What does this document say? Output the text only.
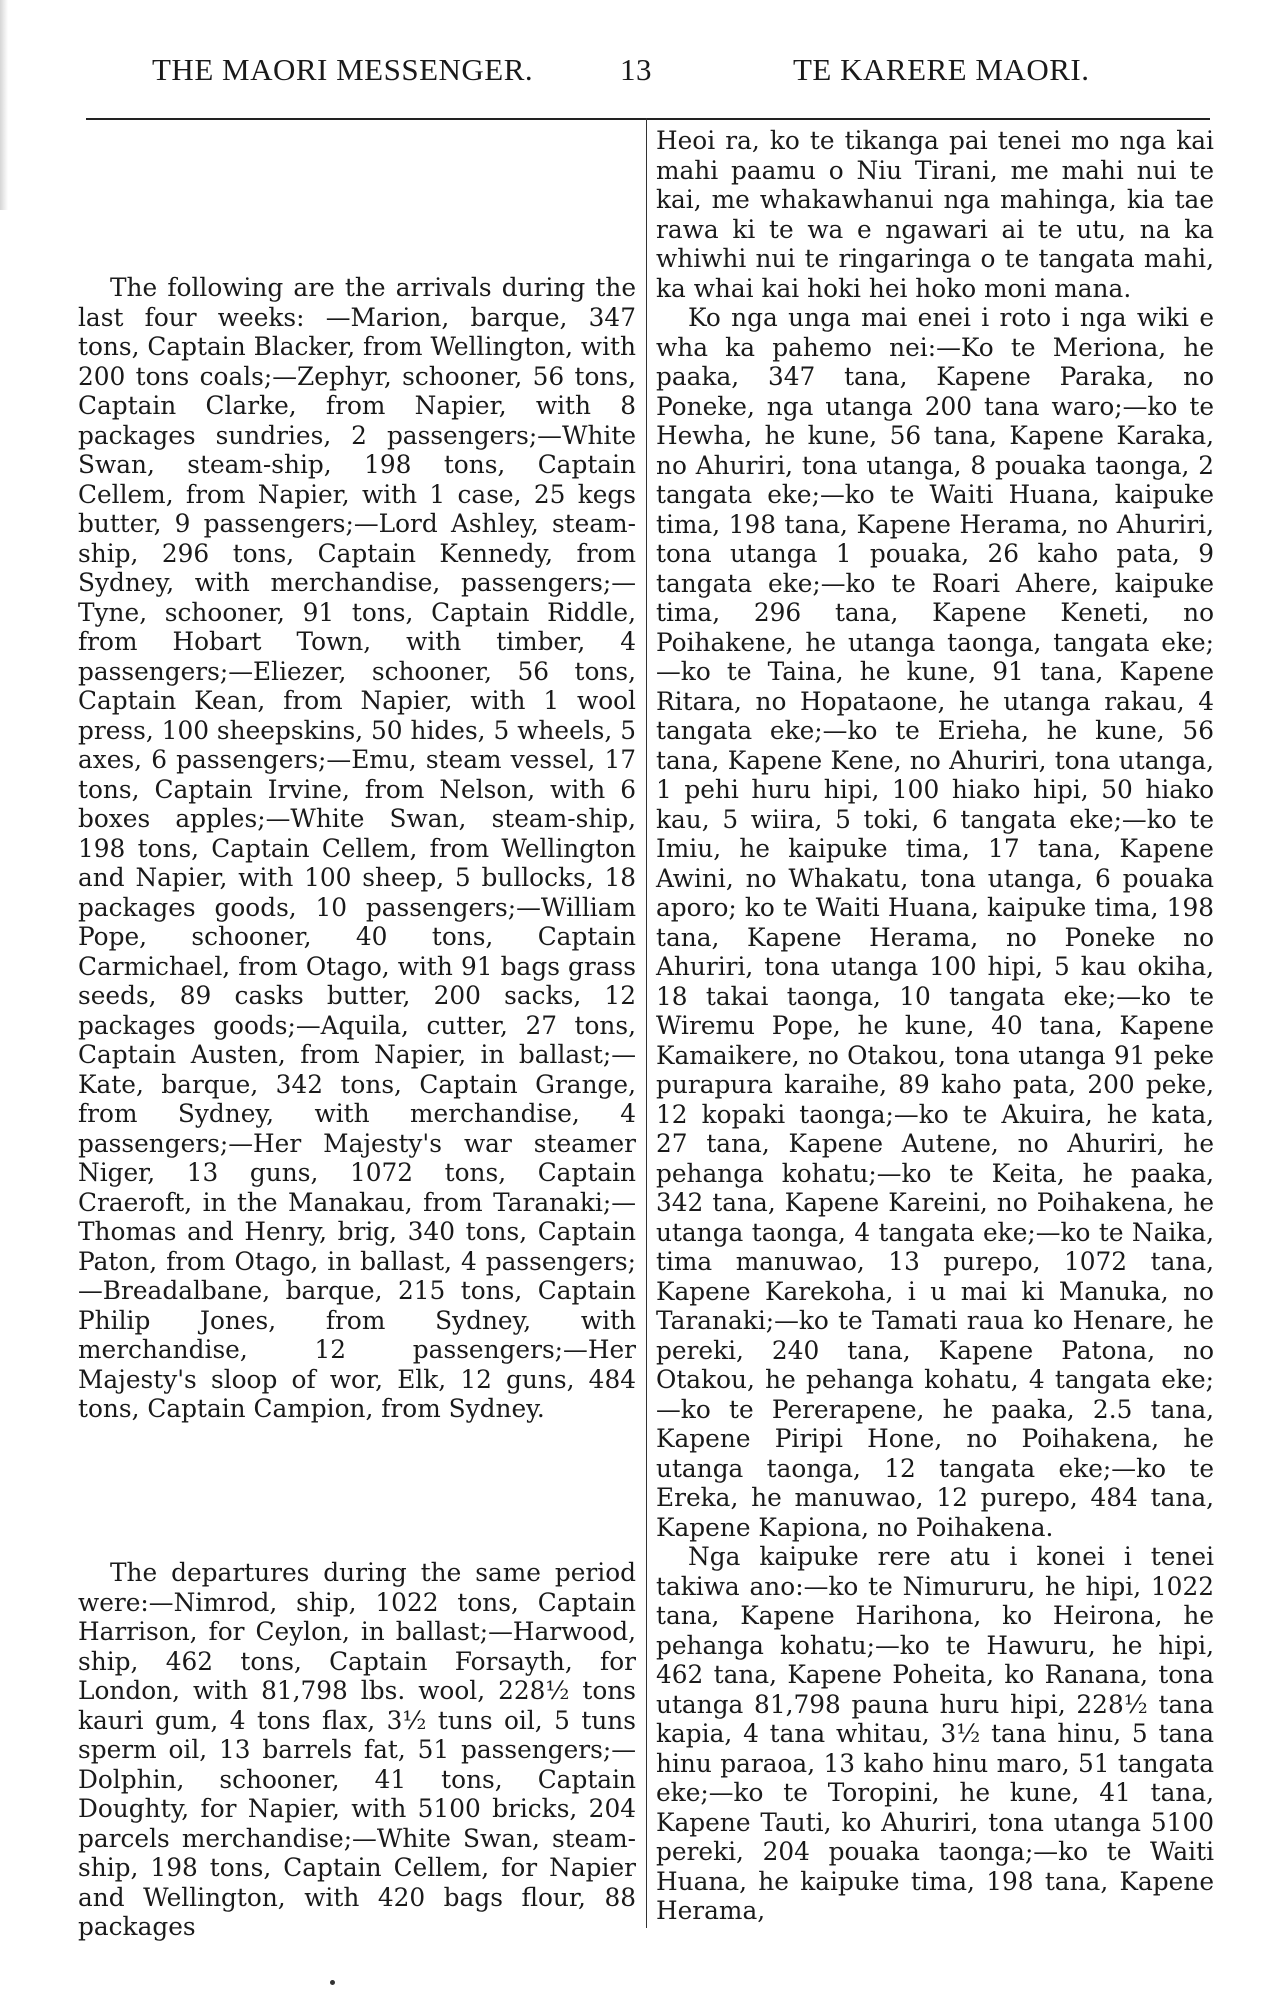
THE MAORI MESSENGER.	13	TE KARERE MAORI.

The following are the arrivals during the last four weeks: —Marion, barque, 347 tons, Captain Blacker, from Wellington, with 200 tons coals;—Zephyr, schooner, 56 tons, Captain Clarke, from Napier, with 8 packages sundries, 2 passengers;—White Swan, steam-ship, 198 tons, Captain Cellem, from Napier, with 1 case, 25 kegs butter, 9 passengers;—Lord Ashley, steam-ship, 296 tons, Captain Kennedy, from Sydney, with merchandise, passengers;—Tyne, schooner, 91 tons, Captain Riddle, from Hobart Town, with timber, 4 passengers;—Eliezer, schooner, 56 tons, Captain Kean, from Napier, with 1 wool press, 100 sheepskins, 50 hides, 5 wheels, 5 axes, 6 passengers;—Emu, steam vessel, 17 tons, Captain Irvine, from Nelson, with 6 boxes apples;—White Swan, steam-ship, 198 tons, Captain Cellem, from Wellington and Napier, with 100 sheep, 5 bullocks, 18 packages goods, 10 passengers;—William Pope, schooner, 40 tons, Captain Carmichael, from Otago, with 91 bags grass seeds, 89 casks butter, 200 sacks, 12 packages goods;—Aquila, cutter, 27 tons, Captain Austen, from Napier, in ballast;—Kate, barque, 342 tons, Captain Grange, from Sydney, with merchandise, 4 passengers;—Her Majesty's war steamer Niger, 13 guns, 1072 tons, Captain Craeroft, in the Manakau, from Taranaki;—Thomas and Henry, brig, 340 tons, Captain Paton, from Otago, in ballast, 4 passengers;—Breadalbane, barque, 215 tons, Captain Philip Jones, from Sydney, with merchandise, 12 passengers;—Her Majesty's sloop of wor, Elk, 12 guns, 484 tons, Captain Campion, from Sydney.

The departures during the same period were:—Nimrod, ship, 1022 tons, Captain Harrison, for Ceylon, in ballast;—Harwood, ship, 462 tons, Captain Forsayth, for London, with 81,798 lbs. wool, 228½ tons kauri gum, 4 tons flax, 3½ tuns oil, 5 tuns sperm oil, 13 barrels fat, 51 passengers;—Dolphin, schooner, 41 tons, Captain Doughty, for Napier, with 5100 bricks, 204 parcels merchandise;—White Swan, steam-ship, 198 tons, Captain Cellem, for Napier and Wellington, with 420 bags flour, 88 packages

Heoi ra, ko te tikanga pai tenei mo nga kai mahi paamu o Niu Tirani, me mahi nui te kai, me whakawhanui nga mahinga, kia tae rawa ki te wa e ngawari ai te utu, na ka whiwhi nui te ringaringa o te tangata mahi, ka whai kai hoki hei hoko moni mana.

Ko nga unga mai enei i roto i nga wiki e wha ka pahemo nei:—Ko te Meriona, he paaka, 347 tana, Kapene Paraka, no Poneke, nga utanga 200 tana waro;—ko te Hewha, he kune, 56 tana, Kapene Karaka, no Ahuriri, tona utanga, 8 pouaka taonga, 2 tangata eke;—ko te Waiti Huana, kaipuke tima, 198 tana, Kapene Herama, no Ahuriri, tona utanga 1 pouaka, 26 kaho pata, 9 tangata eke;—ko te Roari Ahere, kaipuke tima, 296 tana, Kapene Keneti, no Poihakene, he utanga taonga, tangata eke;—ko te Taina, he kune, 91 tana, Kapene Ritara, no Hopataone, he utanga rakau, 4 tangata eke;—ko te Erieha, he kune, 56 tana, Kapene Kene, no Ahuriri, tona utanga, 1 pehi huru hipi, 100 hiako hipi, 50 hiako kau, 5 wiira, 5 toki, 6 tangata eke;—ko te Imiu, he kaipuke tima, 17 tana, Kapene Awini, no Whakatu, tona utanga, 6 pouaka aporo; ko te Waiti Huana, kaipuke tima, 198 tana, Kapene Herama, no Poneke no Ahuriri, tona utanga 100 hipi, 5 kau okiha, 18 takai taonga, 10 tangata eke;—ko te Wiremu Pope, he kune, 40 tana, Kapene Kamaikere, no Otakou, tona utanga 91 peke purapura karaihe, 89 kaho pata, 200 peke, 12 kopaki taonga;—ko te Akuira, he kata, 27 tana, Kapene Autene, no Ahuriri, he pehanga kohatu;—ko te Keita, he paaka, 342 tana, Kapene Kareini, no Poihakena, he utanga taonga, 4 tangata eke;—ko te Naika, tima manuwao, 13 purepo, 1072 tana, Kapene Karekoha, i u mai ki Manuka, no Taranaki;—ko te Tamati raua ko Henare, he pereki, 240 tana, Kapene Patona, no Otakou, he pehanga kohatu, 4 tangata eke;—ko te Pererapene, he paaka, 2.5 tana, Kapene Piripi Hone, no Poihakena, he utanga taonga, 12 tangata eke;—ko te Ereka, he manuwao, 12 purepo, 484 tana, Kapene Kapiona, no Poihakena.

Nga kaipuke rere atu i konei i tenei takiwa ano:—ko te Nimururu, he hipi, 1022 tana, Kapene Harihona, ko Heirona, he pehanga kohatu;—ko te Hawuru, he hipi, 462 tana, Kapene Poheita, ko Ranana, tona utanga 81,798 pauna huru hipi, 228½ tana kapia, 4 tana whitau, 3½ tana hinu, 5 tana hinu paraoa, 13 kaho hinu maro, 51 tangata eke;—ko te Toropini, he kune, 41 tana, Kapene Tauti, ko Ahuriri, tona utanga 5100 pereki, 204 pouaka taonga;—ko te Waiti Huana, he kaipuke tima, 198 tana, Kapene Herama,
